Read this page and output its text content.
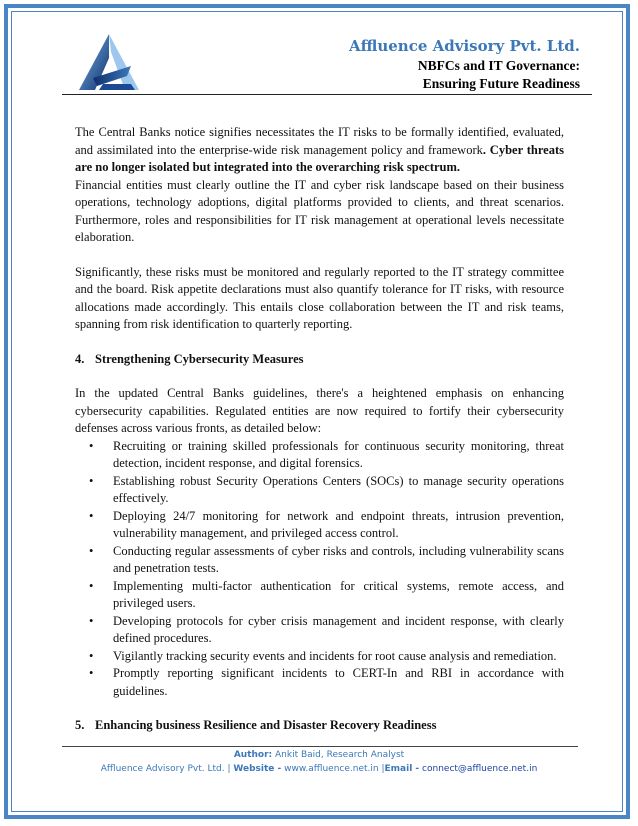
Affluence Advisory Pvt. Ltd.
NBFCs and IT Governance:
Ensuring Future Readiness

The Central Banks notice signifies necessitates the IT risks to be formally identified, evaluated, and assimilated into the enterprise-wide risk management policy and framework. Cyber threats are no longer isolated but integrated into the overarching risk spectrum.

Financial entities must clearly outline the IT and cyber risk landscape based on their business operations, technology adoptions, digital platforms provided to clients, and threat scenarios. Furthermore, roles and responsibilities for IT risk management at operational levels necessitate elaboration.

Significantly, these risks must be monitored and regularly reported to the IT strategy committee and the board. Risk appetite declarations must also quantify tolerance for IT risks, with resource allocations made accordingly. This entails close collaboration between the IT and risk teams, spanning from risk identification to quarterly reporting.

4. Strengthening Cybersecurity Measures

In the updated Central Banks guidelines, there's a heightened emphasis on enhancing cybersecurity capabilities. Regulated entities are now required to fortify their cybersecurity defenses across various fronts, as detailed below:

• Recruiting or training skilled professionals for continuous security monitoring, threat detection, incident response, and digital forensics.
• Establishing robust Security Operations Centers (SOCs) to manage security operations effectively.
• Deploying 24/7 monitoring for network and endpoint threats, intrusion prevention, vulnerability management, and privileged access control.
• Conducting regular assessments of cyber risks and controls, including vulnerability scans and penetration tests.
• Implementing multi-factor authentication for critical systems, remote access, and privileged users.
• Developing protocols for cyber crisis management and incident response, with clearly defined procedures.
• Vigilantly tracking security events and incidents for root cause analysis and remediation.
• Promptly reporting significant incidents to CERT-In and RBI in accordance with guidelines.

5. Enhancing business Resilience and Disaster Recovery Readiness

Author: Ankit Baid, Research Analyst
Affluence Advisory Pvt. Ltd. | Website - www.affluence.net.in |Email - connect@affluence.net.in
